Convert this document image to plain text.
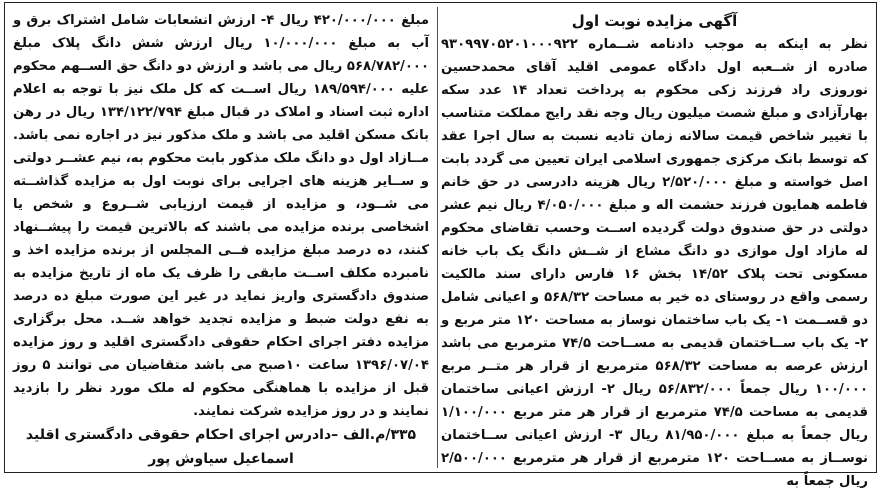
آگهی مزایده نوبت اول

نظر به اینکه به موجب دادنامه شــماره ۹۳۰۹۹۷۰۵۲۰۱۰۰۰۹۲۲ صادره از شــعبه اول دادگاه عمومی اقلید آقای محمدحسین نوروزی راد فرزند زکی محکوم به پرداخت تعداد ۱۴ عدد سکه بهارآزادی و مبلغ شصت میلیون ریال وجه نقد رایج مملکت متناسب با تغییر شاخص قیمت سالانه زمان تادیه نسبت به سال اجرا عقد که توسط بانک مرکزی جمهوری اسلامی ایران تعیین می گردد بابت اصل خواسته و مبلغ ۲/۵۲۰/۰۰۰ ریال هزینه دادرسی در حق خانم فاطمه همایون فرزند حشمت اله و مبلغ ۴/۰۵۰/۰۰۰ ریال نیم عشر دولتی در حق صندوق دولت گردیده اســت وحسب تقاضای محکوم له مازاد اول موازی دو دانگ مشاع از شــش دانگ یک باب خانه مسکونی تحت پلاک ۱۴/۵۲ بخش ۱۶ فارس دارای سند مالکیت رسمی واقع در روستای ده خیر به مساحت ۵۶۸/۳۲ و اعیانی شامل دو قســمت ۱- یک باب ساختمان نوساز به مساحت ۱۲۰ متر مربع و ۲- یک باب ســاختمان قدیمی به مســاحت ۷۴/۵ مترمربع می باشد ارزش عرصه به مساحت ۵۶۸/۳۲ مترمربع از قرار هر متــر مربع ۱۰۰/۰۰۰ ریال جمعاً ۵۶/۸۳۲/۰۰۰ ریال ۲- ارزش اعیانی ساختمان قدیمی به مساحت ۷۴/۵ مترمربع از قرار هر متر مربع ۱/۱۰۰/۰۰۰ ریال جمعاً به مبلغ ۸۱/۹۵۰/۰۰۰ ریال ۳- ارزش اعیانی ســاختمان نوســاز به مســاحت ۱۲۰ مترمربع از قرار هر مترمربع ۲/۵۰۰/۰۰۰ ریال جمعاً به

مبلغ ۴۲۰/۰۰۰/۰۰۰ ریال ۴- ارزش انشعابات شامل اشتراک برق و آب به مبلغ ۱۰/۰۰۰/۰۰۰ ریال ارزش شش دانگ پلاک مبلغ ۵۶۸/۷۸۲/۰۰۰ ریال می باشد و ارزش دو دانگ حق الســهم محکوم علیه ۱۸۹/۵۹۴/۰۰۰ ریال اســت که کل ملک نیز با توجه به اعلام اداره ثبت اسناد و املاک در قبال مبلغ ۱۳۴/۱۲۲/۷۹۴ ریال در رهن بانک مسکن اقلید می باشد و ملک مذکور نیز در اجاره نمی باشد. مــازاد اول دو دانگ ملک مذکور بابت محکوم به، نیم عشــر دولتی و ســایر هزینه های اجرایی برای نوبت اول به مزایده گذاشــته می شــود، و مزایده از قیمت ارزیابی شــروع و شخص یا اشخاصی برنده مزایده می باشند که بالاترین قیمت را پیشــنهاد کنند، ده درصد مبلغ مزایده فــی المجلس از برنده مزایده اخذ و نامبرده مکلف اســت مابقی را ظرف یک ماه از تاریخ مزایده به صندوق دادگستری واریز نماید در غیر این صورت مبلغ ده درصد به نفع دولت ضبط و مزایده تجدید خواهد شــد. محل برگزاری مزایده دفتر اجرای احکام حقوقی دادگستری اقلید و روز مزایده ۱۳۹۶/۰۷/۰۴ ساعت ۱۰صبح می باشد متقاضیان می توانند ۵ روز قبل از مزایده با هماهنگی محکوم له ملک مورد نظر را بازدید نمایند و در روز مزایده شرکت نمایند.

۳۳۵/م.الف –دادرس اجرای احکام حقوقی دادگستری اقلید

اسماعیل سیاوش پور
